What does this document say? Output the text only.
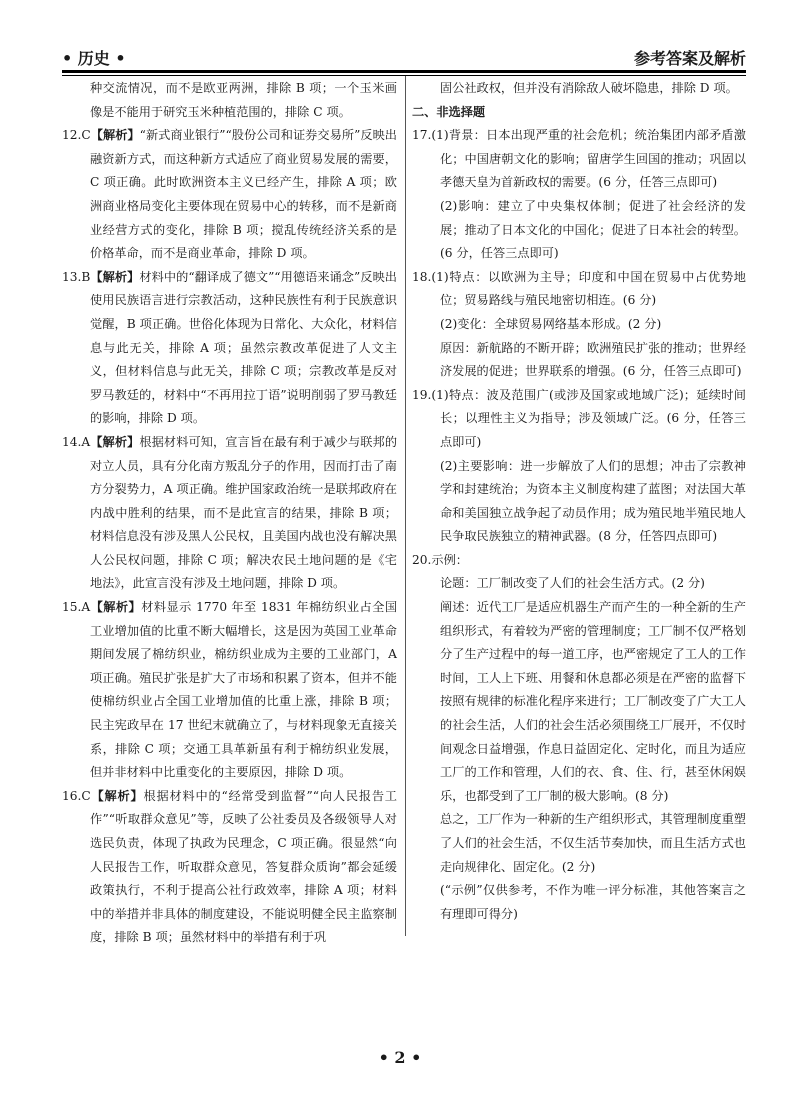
• 历史 •	参考答案及解析

种交流情况，而不是欧亚两洲，排除 B 项；一个玉米画像是不能用于研究玉米种植范围的，排除 C 项。

12.C【解析】“新式商业银行”“股份公司和证券交易所”反映出融资新方式，而这种新方式适应了商业贸易发展的需要，C 项正确。此时欧洲资本主义已经产生，排除 A 项；欧洲商业格局变化主要体现在贸易中心的转移，而不是新商业经营方式的变化，排除 B 项；搅乱传统经济关系的是价格革命，而不是商业革命，排除 D 项。

13.B【解析】材料中的“翻译成了德文”“用德语来诵念”反映出使用民族语言进行宗教活动，这种民族性有利于民族意识觉醒，B 项正确。世俗化体现为日常化、大众化，材料信息与此无关，排除 A 项；虽然宗教改革促进了人文主义，但材料信息与此无关，排除 C 项；宗教改革是反对罗马教廷的，材料中“不再用拉丁语”说明削弱了罗马教廷的影响，排除 D 项。

14.A【解析】根据材料可知，宣言旨在最有利于减少与联邦的对立人员，具有分化南方叛乱分子的作用，因而打击了南方分裂势力，A 项正确。维护国家政治统一是联邦政府在内战中胜利的结果，而不是此宣言的结果，排除 B 项；材料信息没有涉及黑人公民权，且美国内战也没有解决黑人公民权问题，排除 C 项；解决农民土地问题的是《宅地法》，此宣言没有涉及土地问题，排除 D 项。

15.A【解析】材料显示 1770 年至 1831 年棉纺织业占全国工业增加值的比重不断大幅增长，这是因为英国工业革命期间发展了棉纺织业，棉纺织业成为主要的工业部门，A 项正确。殖民扩张是扩大了市场和积累了资本，但并不能使棉纺织业占全国工业增加值的比重上涨，排除 B 项；民主宪政早在 17 世纪末就确立了，与材料现象无直接关系，排除 C 项；交通工具革新虽有利于棉纺织业发展，但并非材料中比重变化的主要原因，排除 D 项。

16.C【解析】根据材料中的“经常受到监督”“向人民报告工作”“听取群众意见”等，反映了公社委员及各级领导人对选民负责，体现了执政为民理念，C 项正确。很显然“向人民报告工作，听取群众意见，答复群众质询”都会延缓政策执行，不利于提高公社行政效率，排除 A 项；材料中的举措并非具体的制度建设，不能说明健全民主监察制度，排除 B 项；虽然材料中的举措有利于巩

固公社政权，但并没有消除敌人破坏隐患，排除 D 项。

二、非选择题

17.(1)背景：日本出现严重的社会危机；统治集团内部矛盾激化；中国唐朝文化的影响；留唐学生回国的推动；巩固以孝德天皇为首新政权的需要。(6 分，任答三点即可)

(2)影响：建立了中央集权体制；促进了社会经济的发展；推动了日本文化的中国化；促进了日本社会的转型。(6 分，任答三点即可)

18.(1)特点：以欧洲为主导；印度和中国在贸易中占优势地位；贸易路线与殖民地密切相连。(6 分)

(2)变化：全球贸易网络基本形成。(2 分)

原因：新航路的不断开辟；欧洲殖民扩张的推动；世界经济发展的促进；世界联系的增强。(6 分，任答三点即可)

19.(1)特点：波及范围广(或涉及国家或地域广泛)；延续时间长；以理性主义为指导；涉及领域广泛。(6 分，任答三点即可)

(2)主要影响：进一步解放了人们的思想；冲击了宗教神学和封建统治；为资本主义制度构建了蓝图；对法国大革命和美国独立战争起了动员作用；成为殖民地半殖民地人民争取民族独立的精神武器。(8 分，任答四点即可)

20.示例：

论题：工厂制改变了人们的社会生活方式。(2 分)

阐述：近代工厂是适应机器生产而产生的一种全新的生产组织形式，有着较为严密的管理制度；工厂制不仅严格划分了生产过程中的每一道工序，也严密规定了工人的工作时间，工人上下班、用餐和休息都必须是在严密的监督下按照有规律的标准化程序来进行；工厂制改变了广大工人的社会生活，人们的社会生活必须围绕工厂展开，不仅时间观念日益增强，作息日益固定化、定时化，而且为适应工厂的工作和管理，人们的衣、食、住、行，甚至休闲娱乐，也都受到了工厂制的极大影响。(8 分)

总之，工厂作为一种新的生产组织形式，其管理制度重塑了人们的社会生活，不仅生活节奏加快，而且生活方式也走向规律化、固定化。(2 分)

(“示例”仅供参考，不作为唯一评分标准，其他答案言之有理即可得分)

• 2 •
